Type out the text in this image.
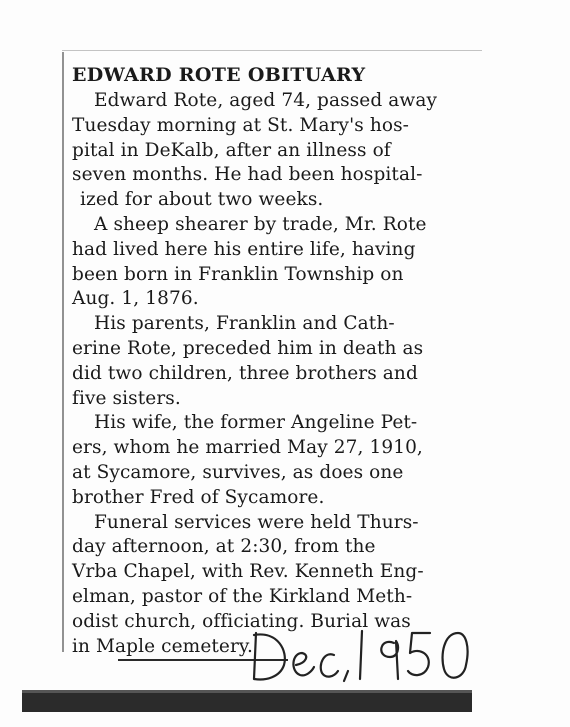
EDWARD ROTE OBITUARY
Edward Rote, aged 74, passed away
Tuesday morning at St. Mary's hos-
pital in DeKalb, after an illness of
seven months. He had been hospital-
ized for about two weeks.
A sheep shearer by trade, Mr. Rote
had lived here his entire life, having
been born in Franklin Township on
Aug. 1, 1876.
His parents, Franklin and Cath-
erine Rote, preceded him in death as
did two children, three brothers and
five sisters.
His wife, the former Angeline Pet-
ers, whom he married May 27, 1910,
at Sycamore, survives, as does one
brother Fred of Sycamore.
Funeral services were held Thurs-
day afternoon, at 2:30, from the
Vrba Chapel, with Rev. Kenneth Eng-
elman, pastor of the Kirkland Meth-
odist church, officiating. Burial was
in Maple cemetery.
